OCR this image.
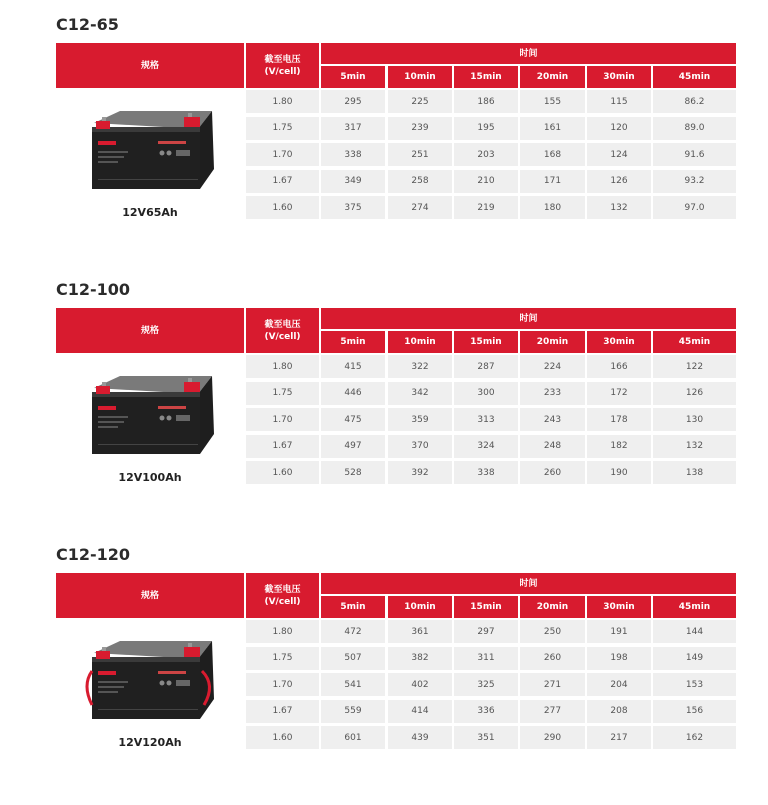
C12-65
规格
截至电压
(V/cell)
时间
5min	10min	15min	20min	30min	45min
12V65Ah
1.80	295	225	186	155	115	86.2
1.75	317	239	195	161	120	89.0
1.70	338	251	203	168	124	91.6
1.67	349	258	210	171	126	93.2
1.60	375	274	219	180	132	97.0
C12-100
规格
截至电压
(V/cell)
时间
5min	10min	15min	20min	30min	45min
12V100Ah
1.80	415	322	287	224	166	122
1.75	446	342	300	233	172	126
1.70	475	359	313	243	178	130
1.67	497	370	324	248	182	132
1.60	528	392	338	260	190	138
C12-120
规格
截至电压
(V/cell)
时间
5min	10min	15min	20min	30min	45min
12V120Ah
1.80	472	361	297	250	191	144
1.75	507	382	311	260	198	149
1.70	541	402	325	271	204	153
1.67	559	414	336	277	208	156
1.60	601	439	351	290	217	162
